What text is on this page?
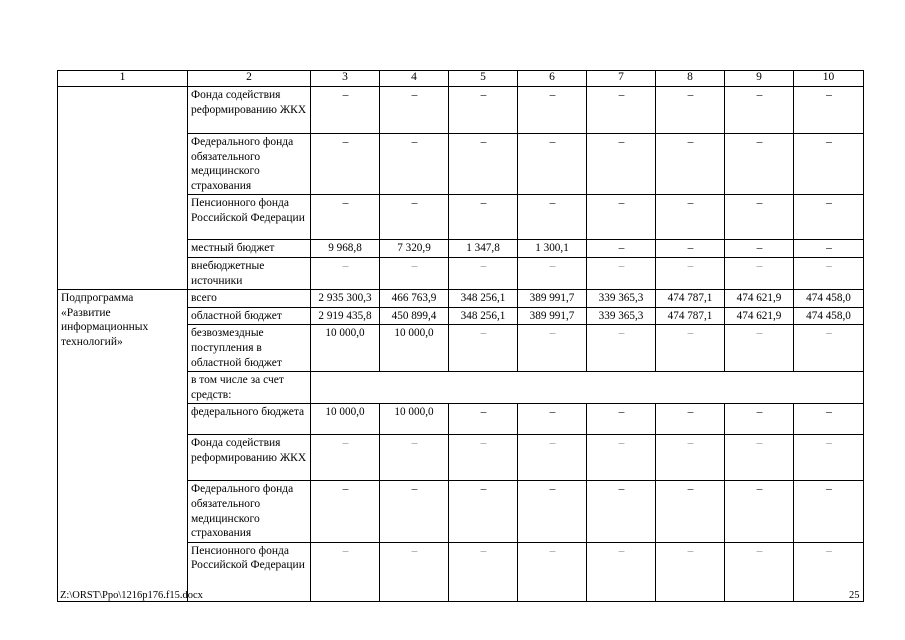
1	2	3	4	5	6	7	8	9	10
	Фонда содействия реформированию ЖКХ	–	–	–	–	–	–	–	–
	Федерального фонда обязательного медицинского страхования	–	–	–	–	–	–	–	–
	Пенсионного фонда Российской Федерации	–	–	–	–	–	–	–	–
	местный бюджет	9 968,8	7 320,9	1 347,8	1 300,1	–	–	–	–
	внебюджетные источники	–	–	–	–	–	–	–	–
Подпрограмма «Развитие информационных технологий»	всего	2 935 300,3	466 763,9	348 256,1	389 991,7	339 365,3	474 787,1	474 621,9	474 458,0
	областной бюджет	2 919 435,8	450 899,4	348 256,1	389 991,7	339 365,3	474 787,1	474 621,9	474 458,0
	безвозмездные поступления в областной бюджет	10 000,0	10 000,0	–	–	–	–	–	–
	в том числе за счет средств:								
	федерального бюджета	10 000,0	10 000,0	–	–	–	–	–	–
	Фонда содействия реформированию ЖКХ	–	–	–	–	–	–	–	–
	Федерального фонда обязательного медицинского страхования	–	–	–	–	–	–	–	–
	Пенсионного фонда Российской Федерации	–	–	–	–	–	–	–	–
Z:\ORST\Ppo\1216p176.f15.docx	25
